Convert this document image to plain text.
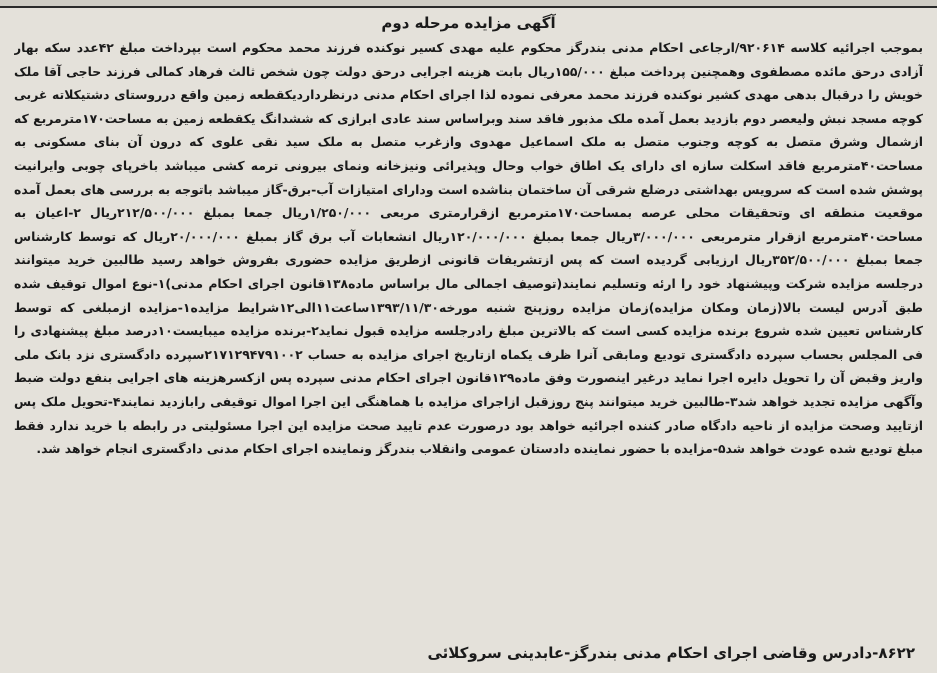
آگهی مزایده مرحله دوم
بموجب اجرائیه کلاسه ۹۲۰۶۱۴/ارجاعی احکام مدنی بندرگز محکوم علیه مهدی کسیر نوکنده فرزند محمد محکوم است بپرداخت مبلغ ۴۲عدد سکه بهار آزادی درحق مائده مصطفوی وهمچنین پرداخت مبلغ ۱۵۵/۰۰۰ریال بابت هزینه اجرایی درحق دولت چون شخص ثالث فرهاد کمالی فرزند حاجی آقا ملک خویش را درقبال بدهی مهدی کشیر نوکنده فرزند محمد معرفی نموده لذا اجرای احکام مدنی درنظرداردیکقطعه زمین واقع درروستای دشتیکلاته غربی کوچه مسجد نبش ولیعصر دوم بازدید بعمل آمده ملک مذبور فاقد سند وبراساس سند عادی ابرازی که ششدانگ یکقطعه زمین به مساحت۱۷۰مترمربع که ازشمال وشرق متصل به کوچه وجنوب متصل به ملک اسماعیل مهدوی وازغرب متصل به ملک سید نقی علوی که درون آن بنای مسکونی به مساحت۴۰مترمربع فاقد اسکلت سازه ای دارای یک اطاق خواب وحال وپذیرائی ونیزخانه ونمای بیرونی ترمه کشی میباشد باخرپای چوبی وایرانیت پوشش شده است که سرویس بهداشتی درضلع شرقی آن ساختمان بناشده است ودارای امتیازات آب-برق-گاز میباشد باتوجه به بررسی های بعمل آمده موقعیت منطقه ای وتحقیقات محلی عرصه بمساحت۱۷۰مترمربع ازقرارمتری مربعی ۱/۲۵۰/۰۰۰ریال جمعا بمبلغ ۲۱۲/۵۰۰/۰۰۰ریال ۲-اعیان به مساحت۴۰مترمربع ازقرار مترمربعی ۳/۰۰۰/۰۰۰ریال جمعا بمبلغ ۱۲۰/۰۰۰/۰۰۰ریال انشعابات آب برق گاز بمبلغ ۲۰/۰۰۰/۰۰۰ریال که توسط کارشناس جمعا بمبلغ ۳۵۲/۵۰۰/۰۰۰ریال ارزیابی گردیده است که پس ازتشریفات قانونی ازطریق مزایده حضوری بفروش خواهد رسید طالبین خرید میتوانند درجلسه مزایده شرکت وپیشنهاد خود را ارئه وتسلیم نمایند(توصیف اجمالی مال براساس ماده۱۳۸قانون اجرای احکام مدنی)۱-نوع اموال توقیف شده طبق آدرس لیست بالا(زمان ومکان مزایده)زمان مزایده روزپنج شنبه مورخه۱۳۹۳/۱۱/۳۰ساعت۱۱الی۱۲شرایط مزایده۱-مزایده ازمبلغی که توسط کارشناس تعیین شده شروع برنده مزایده کسی است که بالاترین مبلغ رادرجلسه مزایده قبول نماید۲-برنده مزایده میبایست۱۰درصد مبلغ پیشنهادی را فی المجلس بحساب سپرده دادگستری تودیع ومابقی آنرا ظرف یکماه ازتاریخ اجرای مزایده به حساب ۲۱۷۱۲۹۴۷۹۱۰۰۲سپرده دادگستری نزد بانک ملی واریز وقبض آن را تحویل دایره اجرا نماید درغیر اینصورت وفق ماده۱۲۹قانون اجرای احکام مدنی سپرده پس ازکسرهزینه های اجرایی بنفع دولت ضبط وآگهی مزایده تجدید خواهد شد۳-طالبین خرید میتوانند پنج روزقبل ازاجرای مزایده با هماهنگی این اجرا اموال توقیفی رابازدید نمایند۴-تحویل ملک پس ازتایید وصحت مزایده از ناحیه دادگاه صادر کننده اجرائیه خواهد بود درصورت عدم تایید صحت مزایده این اجرا مسئولیتی در رابطه با خرید ندارد فقط مبلغ تودیع شده عودت خواهد شد۵-مزایده با حضور نماینده دادستان عمومی وانقلاب بندرگز ونماینده اجرای احکام مدنی دادگستری انجام خواهد شد.
۸۶۲۲-دادرس وقاضی اجرای احکام مدنی بندرگز-عابدینی سروکلائی
